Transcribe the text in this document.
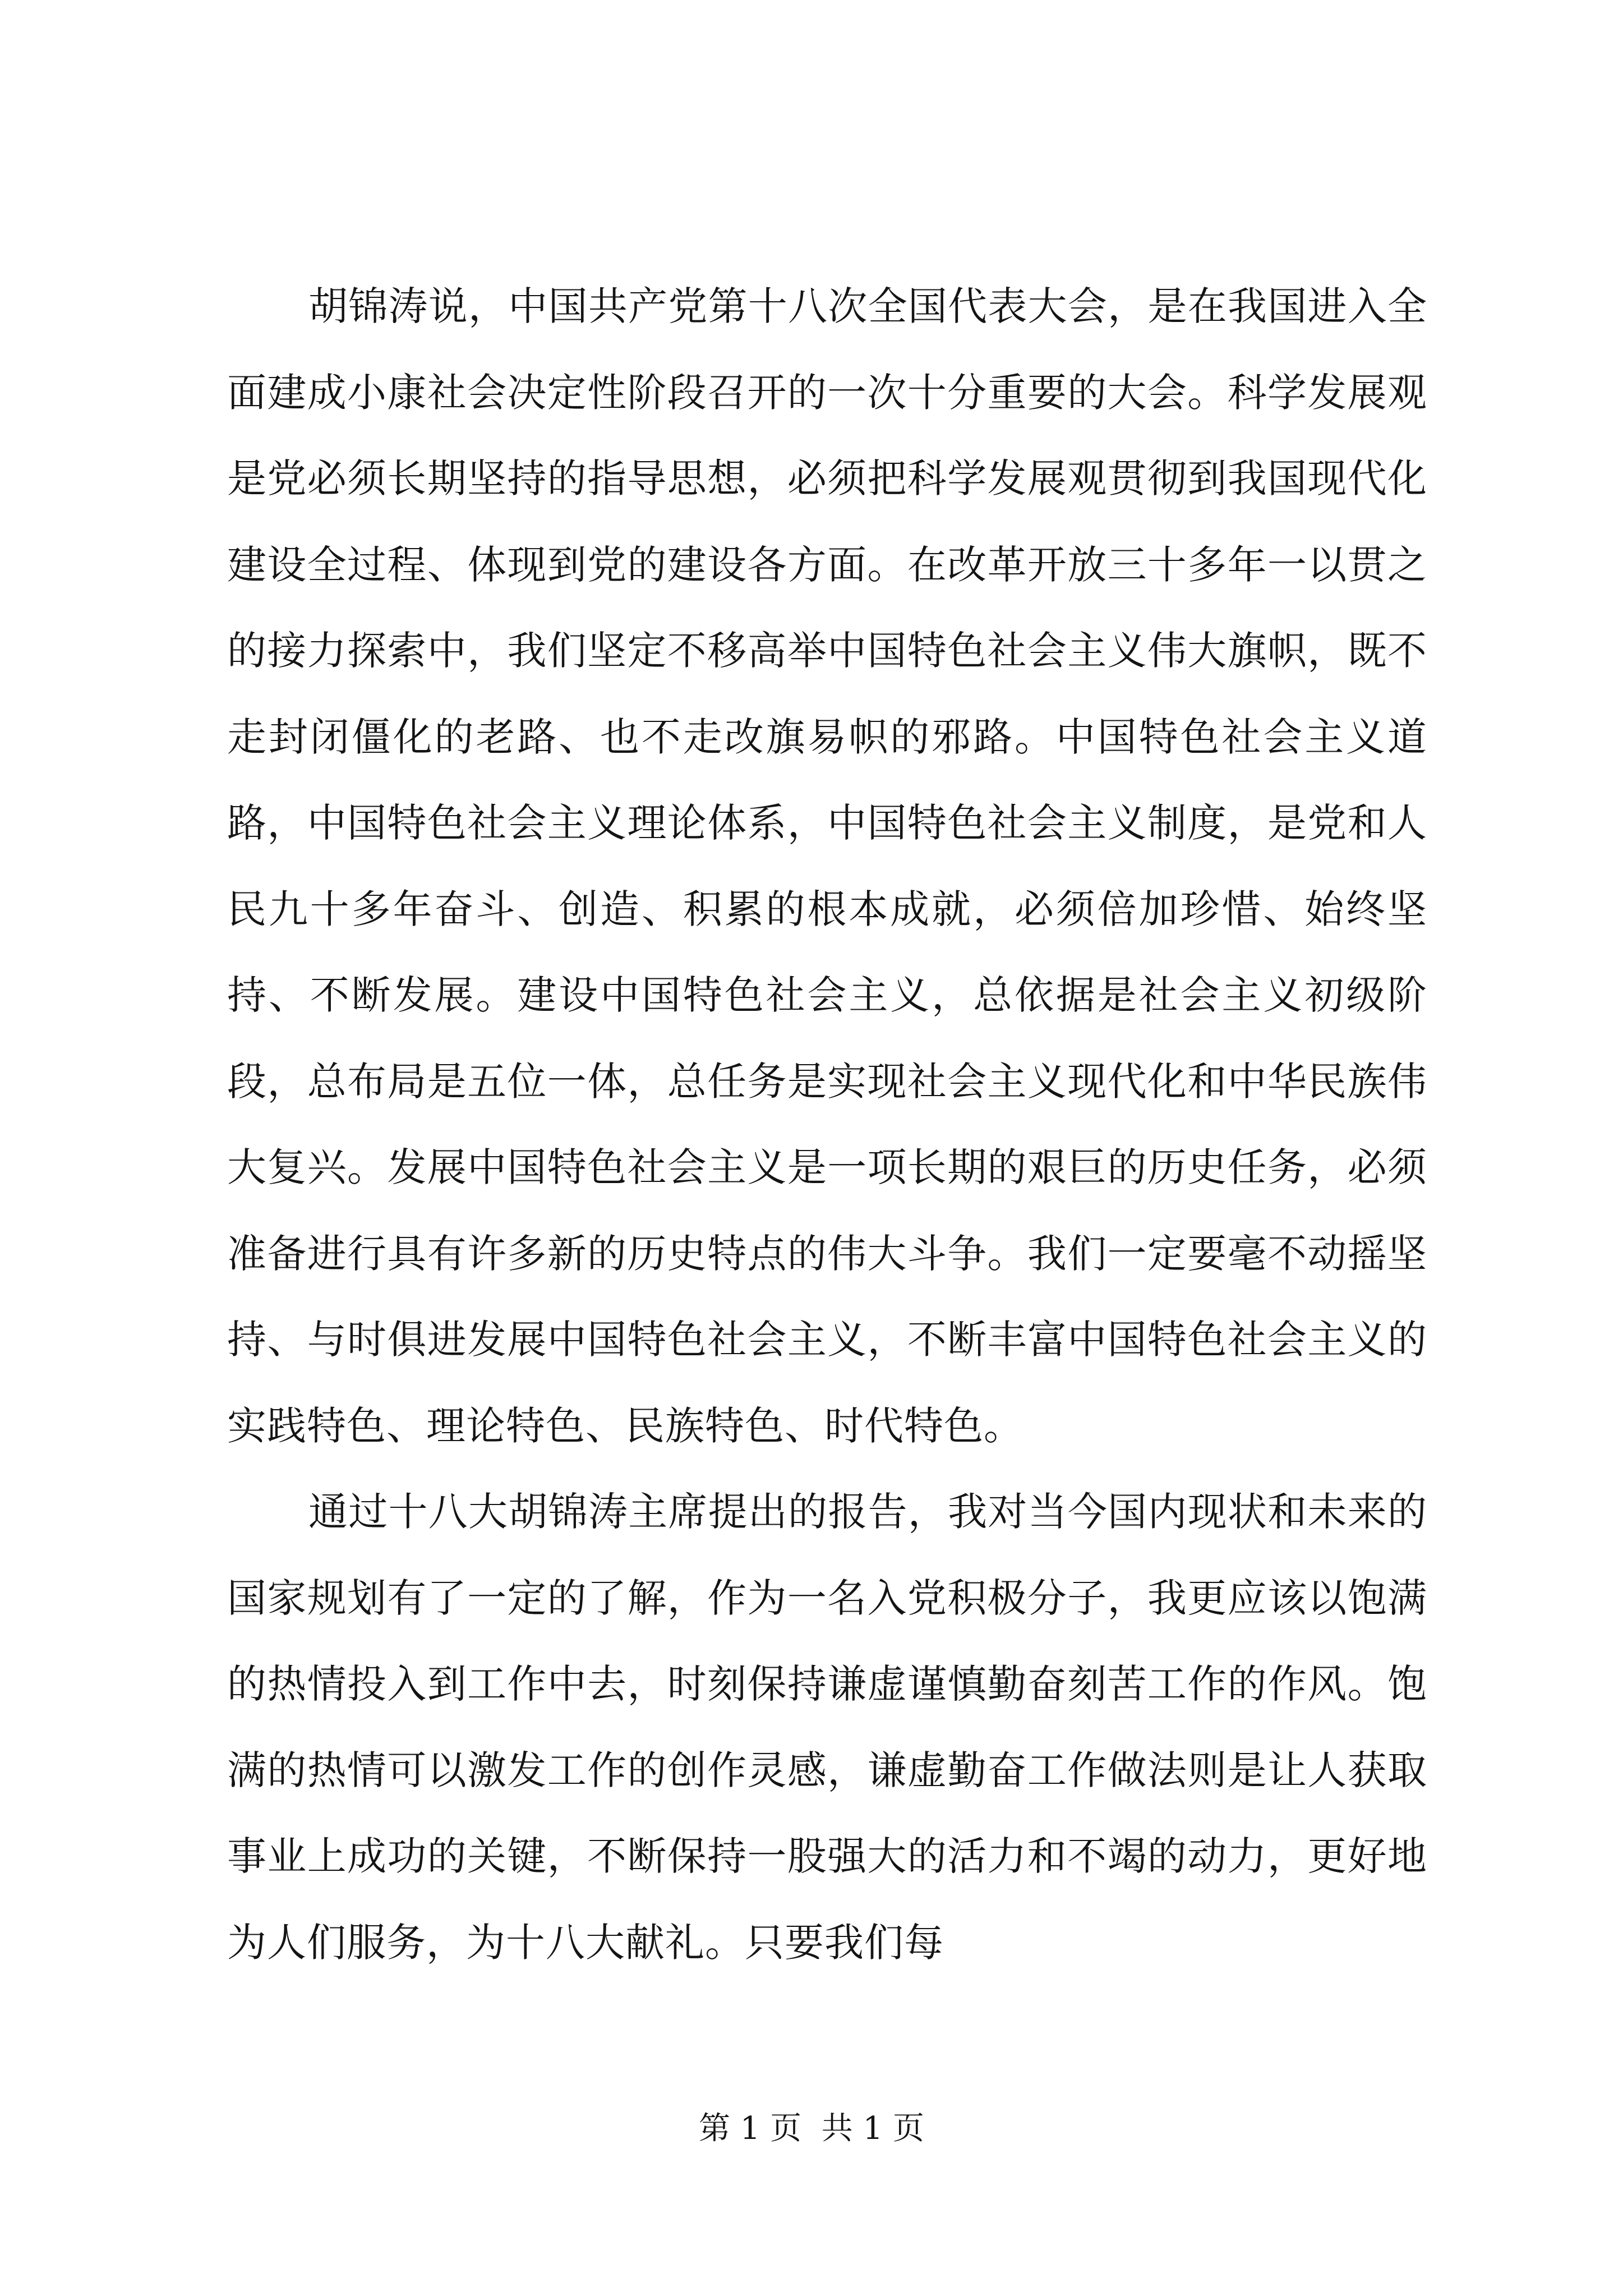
胡锦涛说，中国共产党第十八次全国代表大会，是在我国进入全面建成小康社会决定性阶段召开的一次十分重要的大会。科学发展观是党必须长期坚持的指导思想，必须把科学发展观贯彻到我国现代化建设全过程、体现到党的建设各方面。在改革开放三十多年一以贯之的接力探索中，我们坚定不移高举中国特色社会主义伟大旗帜，既不走封闭僵化的老路、也不走改旗易帜的邪路。中国特色社会主义道路，中国特色社会主义理论体系，中国特色社会主义制度，是党和人民九十多年奋斗、创造、积累的根本成就，必须倍加珍惜、始终坚持、不断发展。建设中国特色社会主义，总依据是社会主义初级阶段，总布局是五位一体，总任务是实现社会主义现代化和中华民族伟大复兴。发展中国特色社会主义是一项长期的艰巨的历史任务，必须准备进行具有许多新的历史特点的伟大斗争。我们一定要毫不动摇坚持、与时俱进发展中国特色社会主义，不断丰富中国特色社会主义的实践特色、理论特色、民族特色、时代特色。

通过十八大胡锦涛主席提出的报告，我对当今国内现状和未来的国家规划有了一定的了解，作为一名入党积极分子，我更应该以饱满的热情投入到工作中去，时刻保持谦虚谨慎勤奋刻苦工作的作风。饱满的热情可以激发工作的创作灵感，谦虚勤奋工作做法则是让人获取事业上成功的关键，不断保持一股强大的活力和不竭的动力，更好地为人们服务，为十八大献礼。只要我们每

第 1 页  共 1 页
